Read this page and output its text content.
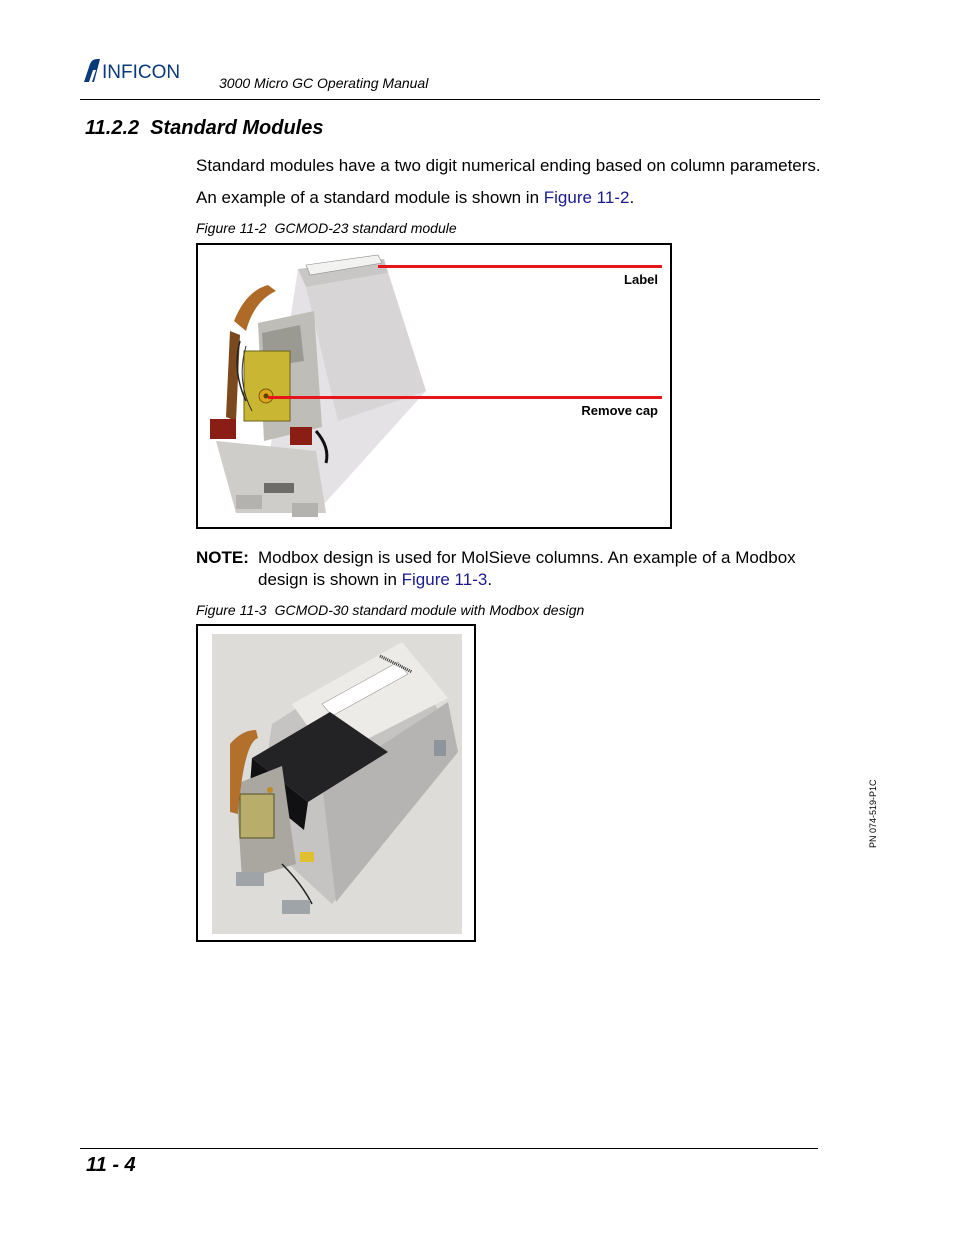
INFICON	3000 Micro GC Operating Manual
11.2.2 Standard Modules
Standard modules have a two digit numerical ending based on column parameters.
An example of a standard module is shown in Figure 11-2.
Figure 11-2 GCMOD-23 standard module
Label
Remove cap
NOTE: Modbox design is used for MolSieve columns. An example of a Modbox
design is shown in Figure 11-3.
Figure 11-3 GCMOD-30 standard module with Modbox design
PN 074-519-P1C
11 - 4
